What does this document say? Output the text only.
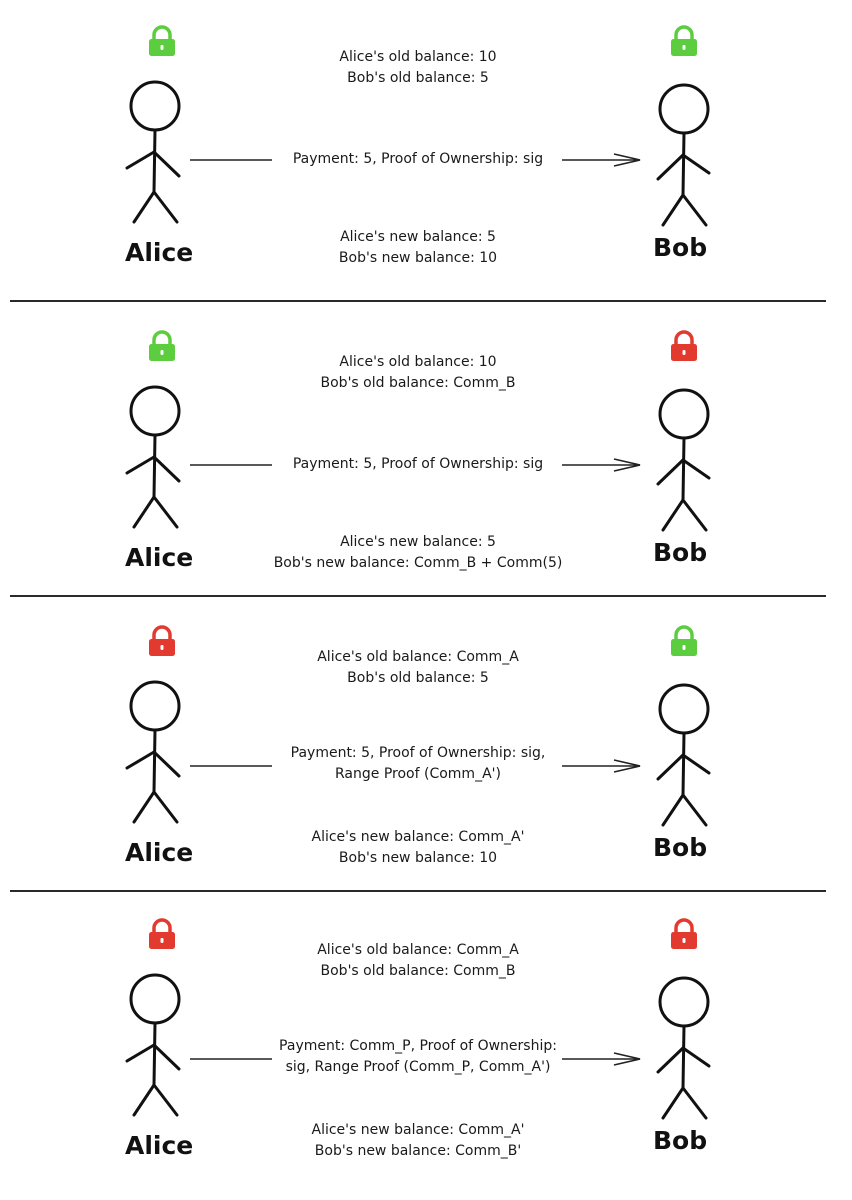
Alice	Bob
Alice's old balance: 10
Bob's old balance: 5
Alice's new balance: 5
Bob's new balance: 10
Payment: 5, Proof of Ownership: sig
Alice	Bob
Alice's old balance: 10
Bob's old balance: Comm_B
Alice's new balance: 5
Bob's new balance: Comm_B + Comm(5)
Payment: 5, Proof of Ownership: sig
Alice	Bob
Alice's old balance: Comm_A
Bob's old balance: 5
Alice's new balance: Comm_A'
Bob's new balance: 10
Payment: 5, Proof of Ownership: sig,
Range Proof (Comm_A')
Alice	Bob
Alice's old balance: Comm_A
Bob's old balance: Comm_B
Alice's new balance: Comm_A'
Bob's new balance: Comm_B'
Payment: Comm_P, Proof of Ownership:
sig, Range Proof (Comm_P, Comm_A')
